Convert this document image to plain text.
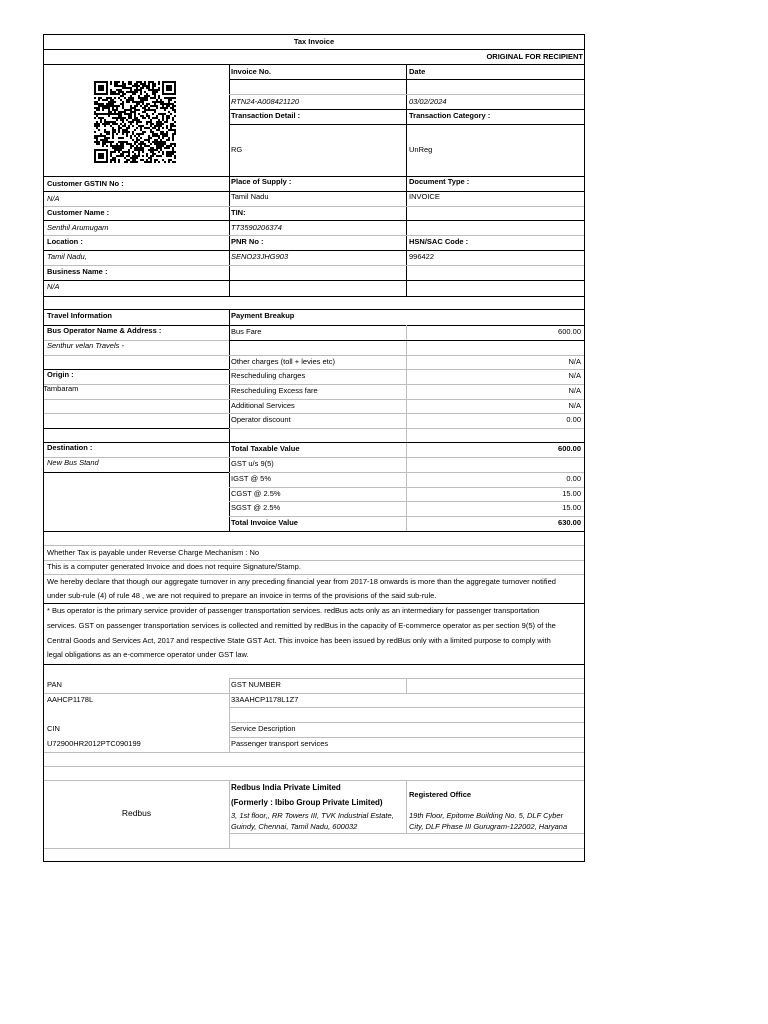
Tax Invoice
ORIGINAL FOR RECIPIENT
Invoice No.	Date
RTN24-A008421120	03/02/2024
Transaction Detail :	Transaction Category :
RG	UnReg
Customer GSTIN No :	Place of Supply :	Document Type :
N/A	Tamil Nadu	INVOICE
Customer Name :	TIN:
Senthil Arumugam	TT3590206374
Location :	PNR No :	HSN/SAC Code :
Tamil Nadu,	SENO23JHG903	996422
Business Name :
N/A
Travel Information	Payment Breakup
Bus Operator Name & Address :
Senthur velan Travels -
Origin :
Tambaram
Destination :
New Bus Stand
Whether Tax is payable under Reverse Charge Mechanism : No
This is a computer generated Invoice and does not require Signature/Stamp.
We hereby declare that though our aggregate turnover in any preceding financial year from 2017-18 onwards is more than the aggregate turnover notified
under sub-rule (4) of rule 48 , we are not required to prepare an invoice in terms of the provisions of the said sub-rule.
* Bus operator is the primary service provider of passenger transportation services. redBus acts only as an intermediary for passenger transportation
services. GST on passenger transportation services is collected and remitted by redBus in the capacity of E-commerce operator as per section 9(5) of the
Central Goods and Services Act, 2017 and respective State GST Act. This invoice has been issued by redBus only with a limited purpose to comply with
legal obligations as an e-commerce operator under GST law.
PAN	GST NUMBER
AAHCP1178L	33AAHCP1178L1Z7
CIN	Service Description
U72900HR2012PTC090199	Passenger transport services
Redbus
Redbus India Private Limited
(Formerly : Ibibo Group Private Limited)
3, 1st floor,, RR Towers III, TVK Industrial Estate,
Guindy, Chennai, Tamil Nadu, 600032
Registered Office
19th Floor, Epitome Building No. 5, DLF Cyber
City, DLF Phase III Gurugram-122002, Haryana
Bus Fare	600.00
Other charges (toll + levies etc)	N/A
Rescheduling charges	N/A
Rescheduling Excess fare	N/A
Additional Services	N/A
Operator discount	0.00
Total Taxable Value	600.00
GST u/s 9(5)
IGST @ 5%	0.00
CGST @ 2.5%	15.00
SGST @ 2.5%	15.00
Total Invoice Value	630.00
